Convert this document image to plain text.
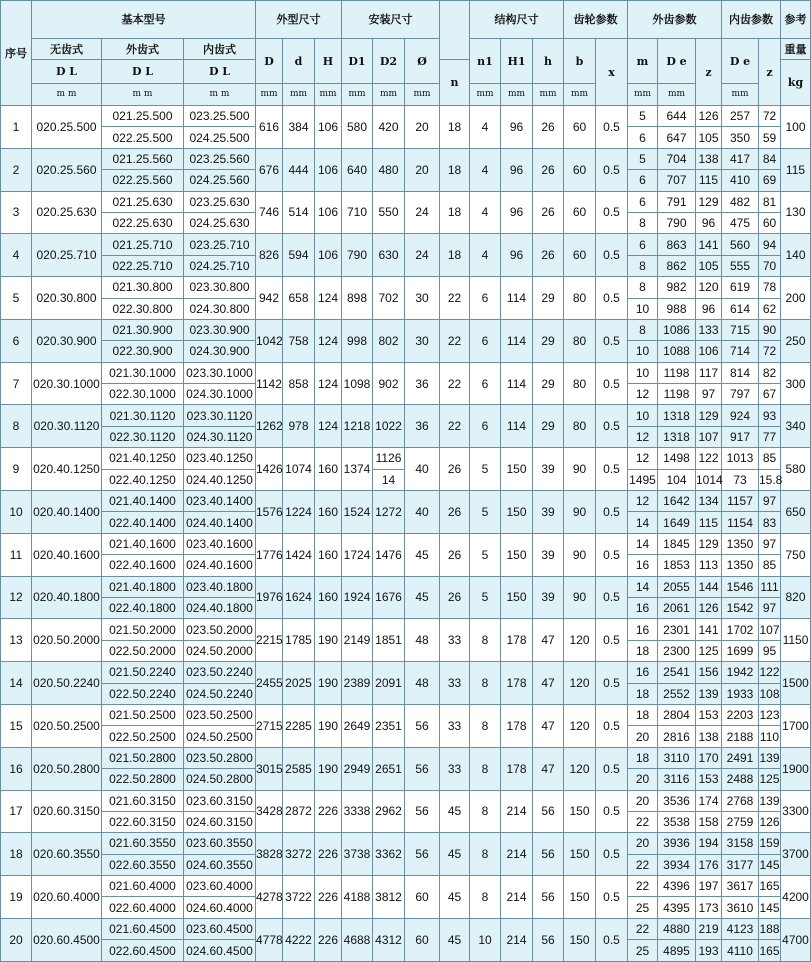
序号	基本型号			外型尺寸			安装尺寸				结构尺寸			齿轮参数		外齿参数			内齿参数		参考
	无齿式	外齿式	内齿式	D	d	H	D1	D2	Ø		n1	H1	h	b	x	m	D e	z	D e	z	重量
	D L	D L	D L							n											kg
	m m	m m	m m	mm	mm	mm	mm	mm	mm		mm	mm	mm	mm		mm	mm		mm		
1	020.25.500	021.25.500	023.25.500	616	384	106	580	420	20	18	4	96	26	60	0.5	5	644	126	257	72	100
		022.25.500	024.25.500													6	647	105	350	59	
2	020.25.560	021.25.560	023.25.560	676	444	106	640	480	20	18	4	96	26	60	0.5	5	704	138	417	84	115
		022.25.560	024.25.560													6	707	115	410	69	
3	020.25.630	021.25.630	023.25.630	746	514	106	710	550	24	18	4	96	26	60	0.5	6	791	129	482	81	130
		022.25.630	024.25.630													8	790	96	475	60	
4	020.25.710	021.25.710	023.25.710	826	594	106	790	630	24	18	4	96	26	60	0.5	6	863	141	560	94	140
		022.25.710	024.25.710													8	862	105	555	70	
5	020.30.800	021.30.800	023.30.800	942	658	124	898	702	30	22	6	114	29	80	0.5	8	982	120	619	78	200
		022.30.800	024.30.800													10	988	96	614	62	
6	020.30.900	021.30.900	023.30.900	1042	758	124	998	802	30	22	6	114	29	80	0.5	8	1086	133	715	90	250
		022.30.900	024.30.900													10	1088	106	714	72	
7	020.30.1000	021.30.1000	023.30.1000	1142	858	124	1098	902	36	22	6	114	29	80	0.5	10	1198	117	814	82	300
		022.30.1000	024.30.1000													12	1198	97	797	67	
8	020.30.1120	021.30.1120	023.30.1120	1262	978	124	1218	1022	36	22	6	114	29	80	0.5	10	1318	129	924	93	340
		022.30.1120	024.30.1120													12	1318	107	917	77	
9	020.40.1250	021.40.1250	023.40.1250	1426	1074	160	1374	1126	40	26	5	150	39	90	0.5	12	1498	122	1013	85	580
		022.40.1250	024.40.1250					14								1495	104	1014	73	15.8	
10	020.40.1400	021.40.1400	023.40.1400	1576	1224	160	1524	1272	40	26	5	150	39	90	0.5	12	1642	134	1157	97	650
		022.40.1400	024.40.1400													14	1649	115	1154	83	
11	020.40.1600	021.40.1600	023.40.1600	1776	1424	160	1724	1476	45	26	5	150	39	90	0.5	14	1845	129	1350	97	750
		022.40.1600	024.40.1600													16	1853	113	1350	85	
12	020.40.1800	021.40.1800	023.40.1800	1976	1624	160	1924	1676	45	26	5	150	39	90	0.5	14	2055	144	1546	111	820
		022.40.1800	024.40.1800													16	2061	126	1542	97	
13	020.50.2000	021.50.2000	023.50.2000	2215	1785	190	2149	1851	48	33	8	178	47	120	0.5	16	2301	141	1702	107	1150
		022.50.2000	024.50.2000													18	2300	125	1699	95	
14	020.50.2240	021.50.2240	023.50.2240	2455	2025	190	2389	2091	48	33	8	178	47	120	0.5	16	2541	156	1942	122	1500
		022.50.2240	024.50.2240													18	2552	139	1933	108	
15	020.50.2500	021.50.2500	023.50.2500	2715	2285	190	2649	2351	56	33	8	178	47	120	0.5	18	2804	153	2203	123	1700
		022.50.2500	024.50.2500													20	2816	138	2188	110	
16	020.50.2800	021.50.2800	023.50.2800	3015	2585	190	2949	2651	56	33	8	178	47	120	0.5	18	3110	170	2491	139	1900
		022.50.2800	024.50.2800													20	3116	153	2488	125	
17	020.60.3150	021.60.3150	023.60.3150	3428	2872	226	3338	2962	56	45	8	214	56	150	0.5	20	3536	174	2768	139	3300
		022.60.3150	024.60.3150													22	3538	158	2759	126	
18	020.60.3550	021.60.3550	023.60.3550	3828	3272	226	3738	3362	56	45	8	214	56	150	0.5	20	3936	194	3158	159	3700
		022.60.3550	024.60.3550													22	3934	176	3177	145	
19	020.60.4000	021.60.4000	023.60.4000	4278	3722	226	4188	3812	60	45	8	214	56	150	0.5	22	4396	197	3617	165	4200
		022.60.4000	024.60.4000													25	4395	173	3610	145	
20	020.60.4500	021.60.4500	023.60.4500	4778	4222	226	4688	4312	60	45	10	214	56	150	0.5	22	4880	219	4123	188	4700
		022.60.4500	024.60.4500													25	4895	193	4110	165	
